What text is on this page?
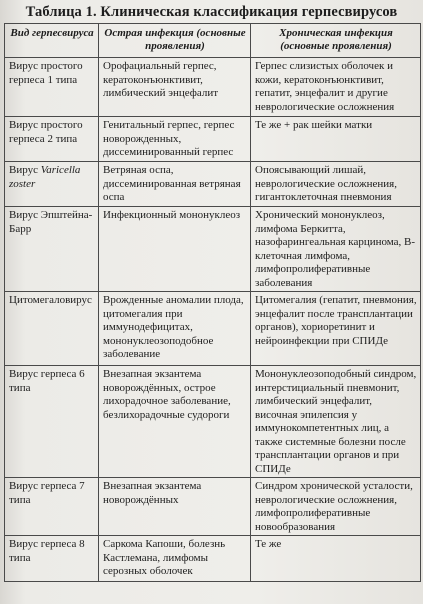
Таблица 1. Клиническая классификация герпесвирусов
Вид герпесвируса	Острая инфекция (основные проявления)	Хроническая инфекция (основные проявления)
Вирус простого герпеса 1 типа	Орофациальный герпес, кератоконъюнктивит, лимбический энцефалит	Герпес слизистых оболочек и кожи, кератоконъюнктивит, гепатит, энцефалит и другие неврологические осложнения
Вирус простого герпеса 2 типа	Генитальный герпес, герпес новорожденных, диссеминированный герпес	Те же + рак шейки матки
Вирус Varicella zoster	Ветряная оспа, диссеминированная ветряная оспа	Опоясывающий лишай, неврологические осложнения, гигантоклеточная пневмония
Вирус Эпштейна-Барр	Инфекционный мононуклеоз	Хронический мононуклеоз, лимфома Беркитта, назофарингеальная карцинома, В-клеточная лимфома, лимфопролиферативные заболевания
Цитомегаловирус	Врожденные аномалии плода, цитомегалия при иммунодефицитах, мононуклеозоподобное заболевание	Цитомегалия (гепатит, пневмония, энцефалит после трансплантации органов), хориоретинит и нейроинфекции при СПИДе
Вирус герпеса 6 типа	Внезапная экзантема новорождённых, острое лихорадочное заболевание, безлихорадочные судороги	Мононуклеозоподобный синдром, интерстициальный пневмонит, лимбический энцефалит, височная эпилепсия у иммунокомпетентных лиц, а также системные болезни после трансплантации органов и при СПИДе
Вирус герпеса 7 типа	Внезапная экзантема новорождённых	Синдром хронической усталости, неврологические осложнения, лимфопролиферативные новообразования
Вирус герпеса 8 типа	Саркома Капоши, болезнь Кастлемана, лимфомы серозных оболочек	Те же
